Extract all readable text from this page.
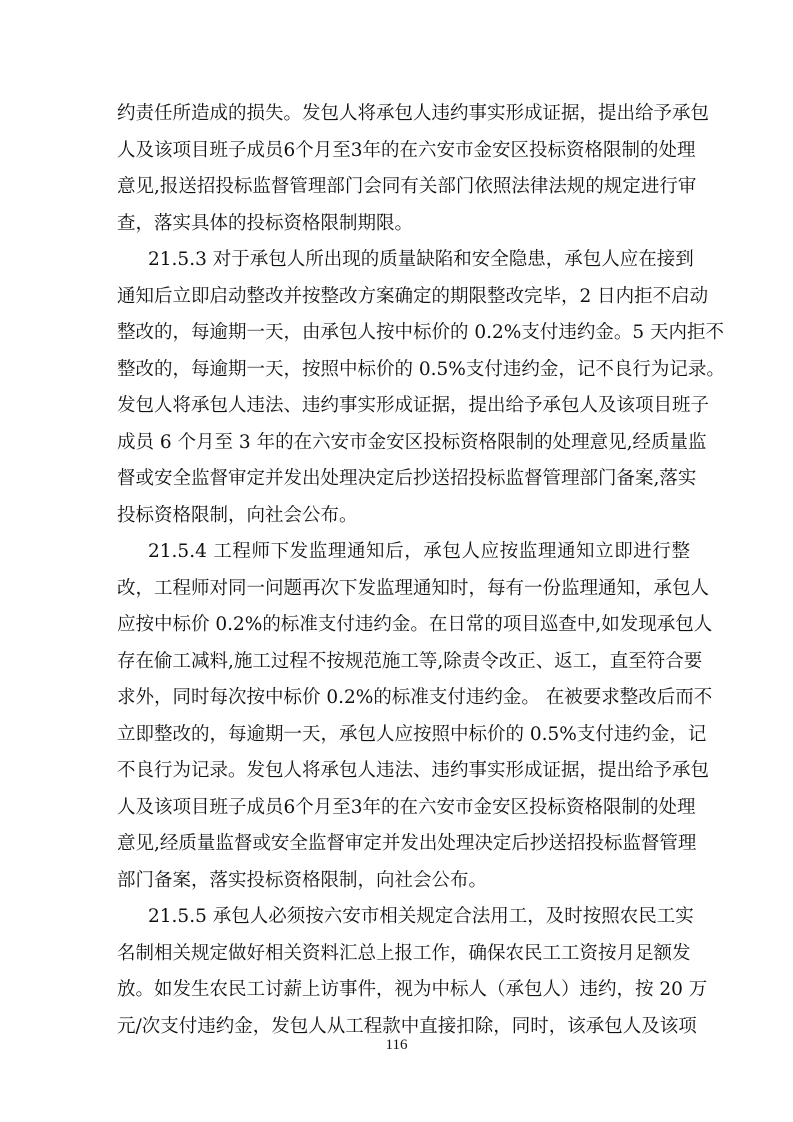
约责任所造成的损失。发包人将承包人违约事实形成证据，提出给予承包
人及该项目班子成员6个月至3年的在六安市金安区投标资格限制的处理
意见,报送招投标监督管理部门会同有关部门依照法律法规的规定进行审
查，落实具体的投标资格限制期限。
21.5.3 对于承包人所出现的质量缺陷和安全隐患，承包人应在接到
通知后立即启动整改并按整改方案确定的期限整改完毕，2 日内拒不启动
整改的，每逾期一天，由承包人按中标价的 0.2%支付违约金。5 天内拒不
整改的，每逾期一天，按照中标价的 0.5%支付违约金，记不良行为记录。
发包人将承包人违法、违约事实形成证据，提出给予承包人及该项目班子
成员 6 个月至 3 年的在六安市金安区投标资格限制的处理意见,经质量监
督或安全监督审定并发出处理决定后抄送招投标监督管理部门备案,落实
投标资格限制，向社会公布。
21.5.4 工程师下发监理通知后，承包人应按监理通知立即进行整
改，工程师对同一问题再次下发监理通知时，每有一份监理通知，承包人
应按中标价 0.2%的标准支付违约金。在日常的项目巡查中,如发现承包人
存在偷工减料,施工过程不按规范施工等,除责令改正、返工，直至符合要
求外，同时每次按中标价 0.2%的标准支付违约金。 在被要求整改后而不
立即整改的，每逾期一天，承包人应按照中标价的 0.5%支付违约金，记
不良行为记录。发包人将承包人违法、违约事实形成证据，提出给予承包
人及该项目班子成员6个月至3年的在六安市金安区投标资格限制的处理
意见,经质量监督或安全监督审定并发出处理决定后抄送招投标监督管理
部门备案，落实投标资格限制，向社会公布。
21.5.5 承包人必须按六安市相关规定合法用工，及时按照农民工实
名制相关规定做好相关资料汇总上报工作，确保农民工工资按月足额发
放。如发生农民工讨薪上访事件，视为中标人（承包人）违约，按 20 万
元/次支付违约金，发包人从工程款中直接扣除，同时，该承包人及该项
116
